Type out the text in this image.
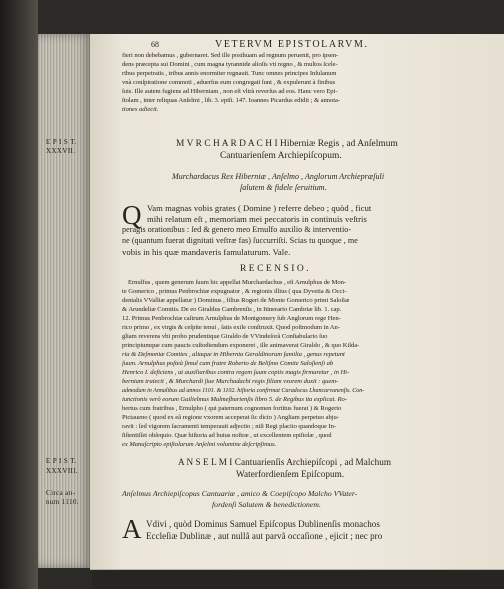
68	VETERVM EPISTOLARVM.
fieri non debebamus , gubernaret. Sed ille posthuam ad regnum peruenit, pro ipsen-
dens præcepta sui Domini , cum magna tyrannide alioſis vti regno , & multos ſcele-
ribus perpetratis , tribus annis enormiter regnauit. Tunc omnes principes Inſulanum
vnà conſpiratione commoti , aduerſus eum congregati ſunt , & expulerunt à finibus
ſuis. Ille autem fugiens ad Hiberniam , non eſt vltrà reverſus ad eos. Hanc vero Epi-
ſtolam , inter reliquas Anſelmi , lib. 3. epiſt. 147. Ioannes Picardus edidit ; & annota-
tiones adiecit.
E P I S T.
XXXVII.
M V R C H A R D A C H I Hiberniæ Regis , ad Anſelmum
Cantuarienſem Archiepiſcopum.
Murchardacus Rex Hiberniæ , Anſelmo , Anglorum Archiepræſuli
ſalutem & fidele ſeruitium.
Q Vam magnas vobis grates ( Domine ) referre debeo ; quòd , ficut
mihi relatum eſt , memoriam mei peccatoris in continuis veſtris
peragis orationibus : ſed & genero meo Ernulfo auxilio & interventio-
ne (quantum fuerat dignitati veſtræ fas) ſuccurriſti. Scias tu quoque , me
vobis in his quæ mandaveris famulaturum. Vale.
R E C E N S I O .
Ernulfus , quem generum ſuum hic appellat Murchardachus , eſt Arnulphus de Mon-
te Gomerico , primus Penbrochiæ expugnator , & regionis illius ( qua Dyvetia & Occi-
dentalis VValliæ appellatur ) Dominus , filius Rogeri de Monte Gomerico primi Saloſiæ
& Arundeliæ Comitis. De eo Giraldus Cambrenſis , in Itinerario Cambriæ lib. 1. cap.
12. Primus Penbrochiæ caſtrum Arnulphus de Montgomery ſub Anglorum rege Hen-
rico primo , ex virgis & ceſpite tenui , ſatis exile conſtruxit. Quod poſtmodum in An-
gliam reverens vbi probo prudentique Giraldo de VVindeſorã Conſtabulario ſuo
principiumque cum paucis cuſtodiendum exponeret , ille animaverat Giraldo , & quo Kilda-
ria & Deſmoniæ Comites , aliaque in Hibernia Geraldinorum familia , genus repetunt
ſuum. Arnulphus poſteà ſimul cum fratre Roberto de Beliſmo Comite Saloſienſi ab
Henrico I. deficiens , ut auxiliaribus contra regem ſuum copiis magis firmaretur , in Hi-
berniam traiecit , & Murchardi ſiue Murchadachi regis filiam vxorem duxit : quem-
admodum in Annalibus ad annos 1101. & 1102. hiſtoria confirmat Caradocus Lhancarvanenſis. Con-
iunctionis verò eorum Guilielmus Malmeſburienſis libro 5. de Regibus ita explicat. Ro-
bertus cum fratribus , Ernulpho ( qui paternum cognomen fortitus fuerat ) & Rogerio
Pictaueno ( quod ex eâ regione vxorem acceperat ſic dicto ) Angliam perpetuo abju-
ravit : ſed vigorem ſacramenti temperauit adjectio ; niſi Regi placito quandoque In-
ſiſtentiſſet obſequio. Quæ hiſtoria ad huius noſtræ , ut excellentem epiſtolæ , quod
ex Manuſcripto epiſtolarum Anſelmi volumine deſcripſimus.
E P I S T.
XXXVIII.
A N S E L M I Cantuarienſis Archiepiſcopi , ad Malchum
Waterfordienſem Epiſcopum.
Circa an-
num 1110.
Anſelmus Archiepiſcopus Cantuariæ , amico & Coepiſcopo Malcho VVater-
fordenſi Salutem & benedictionem.
A Vdivi , quòd Dominus Samuel Epiſcopus Dublinenſis monachos
Eccleſiæ Dublinæ , aut nullã aut parvã occaſione , ejicit ; nec pro
